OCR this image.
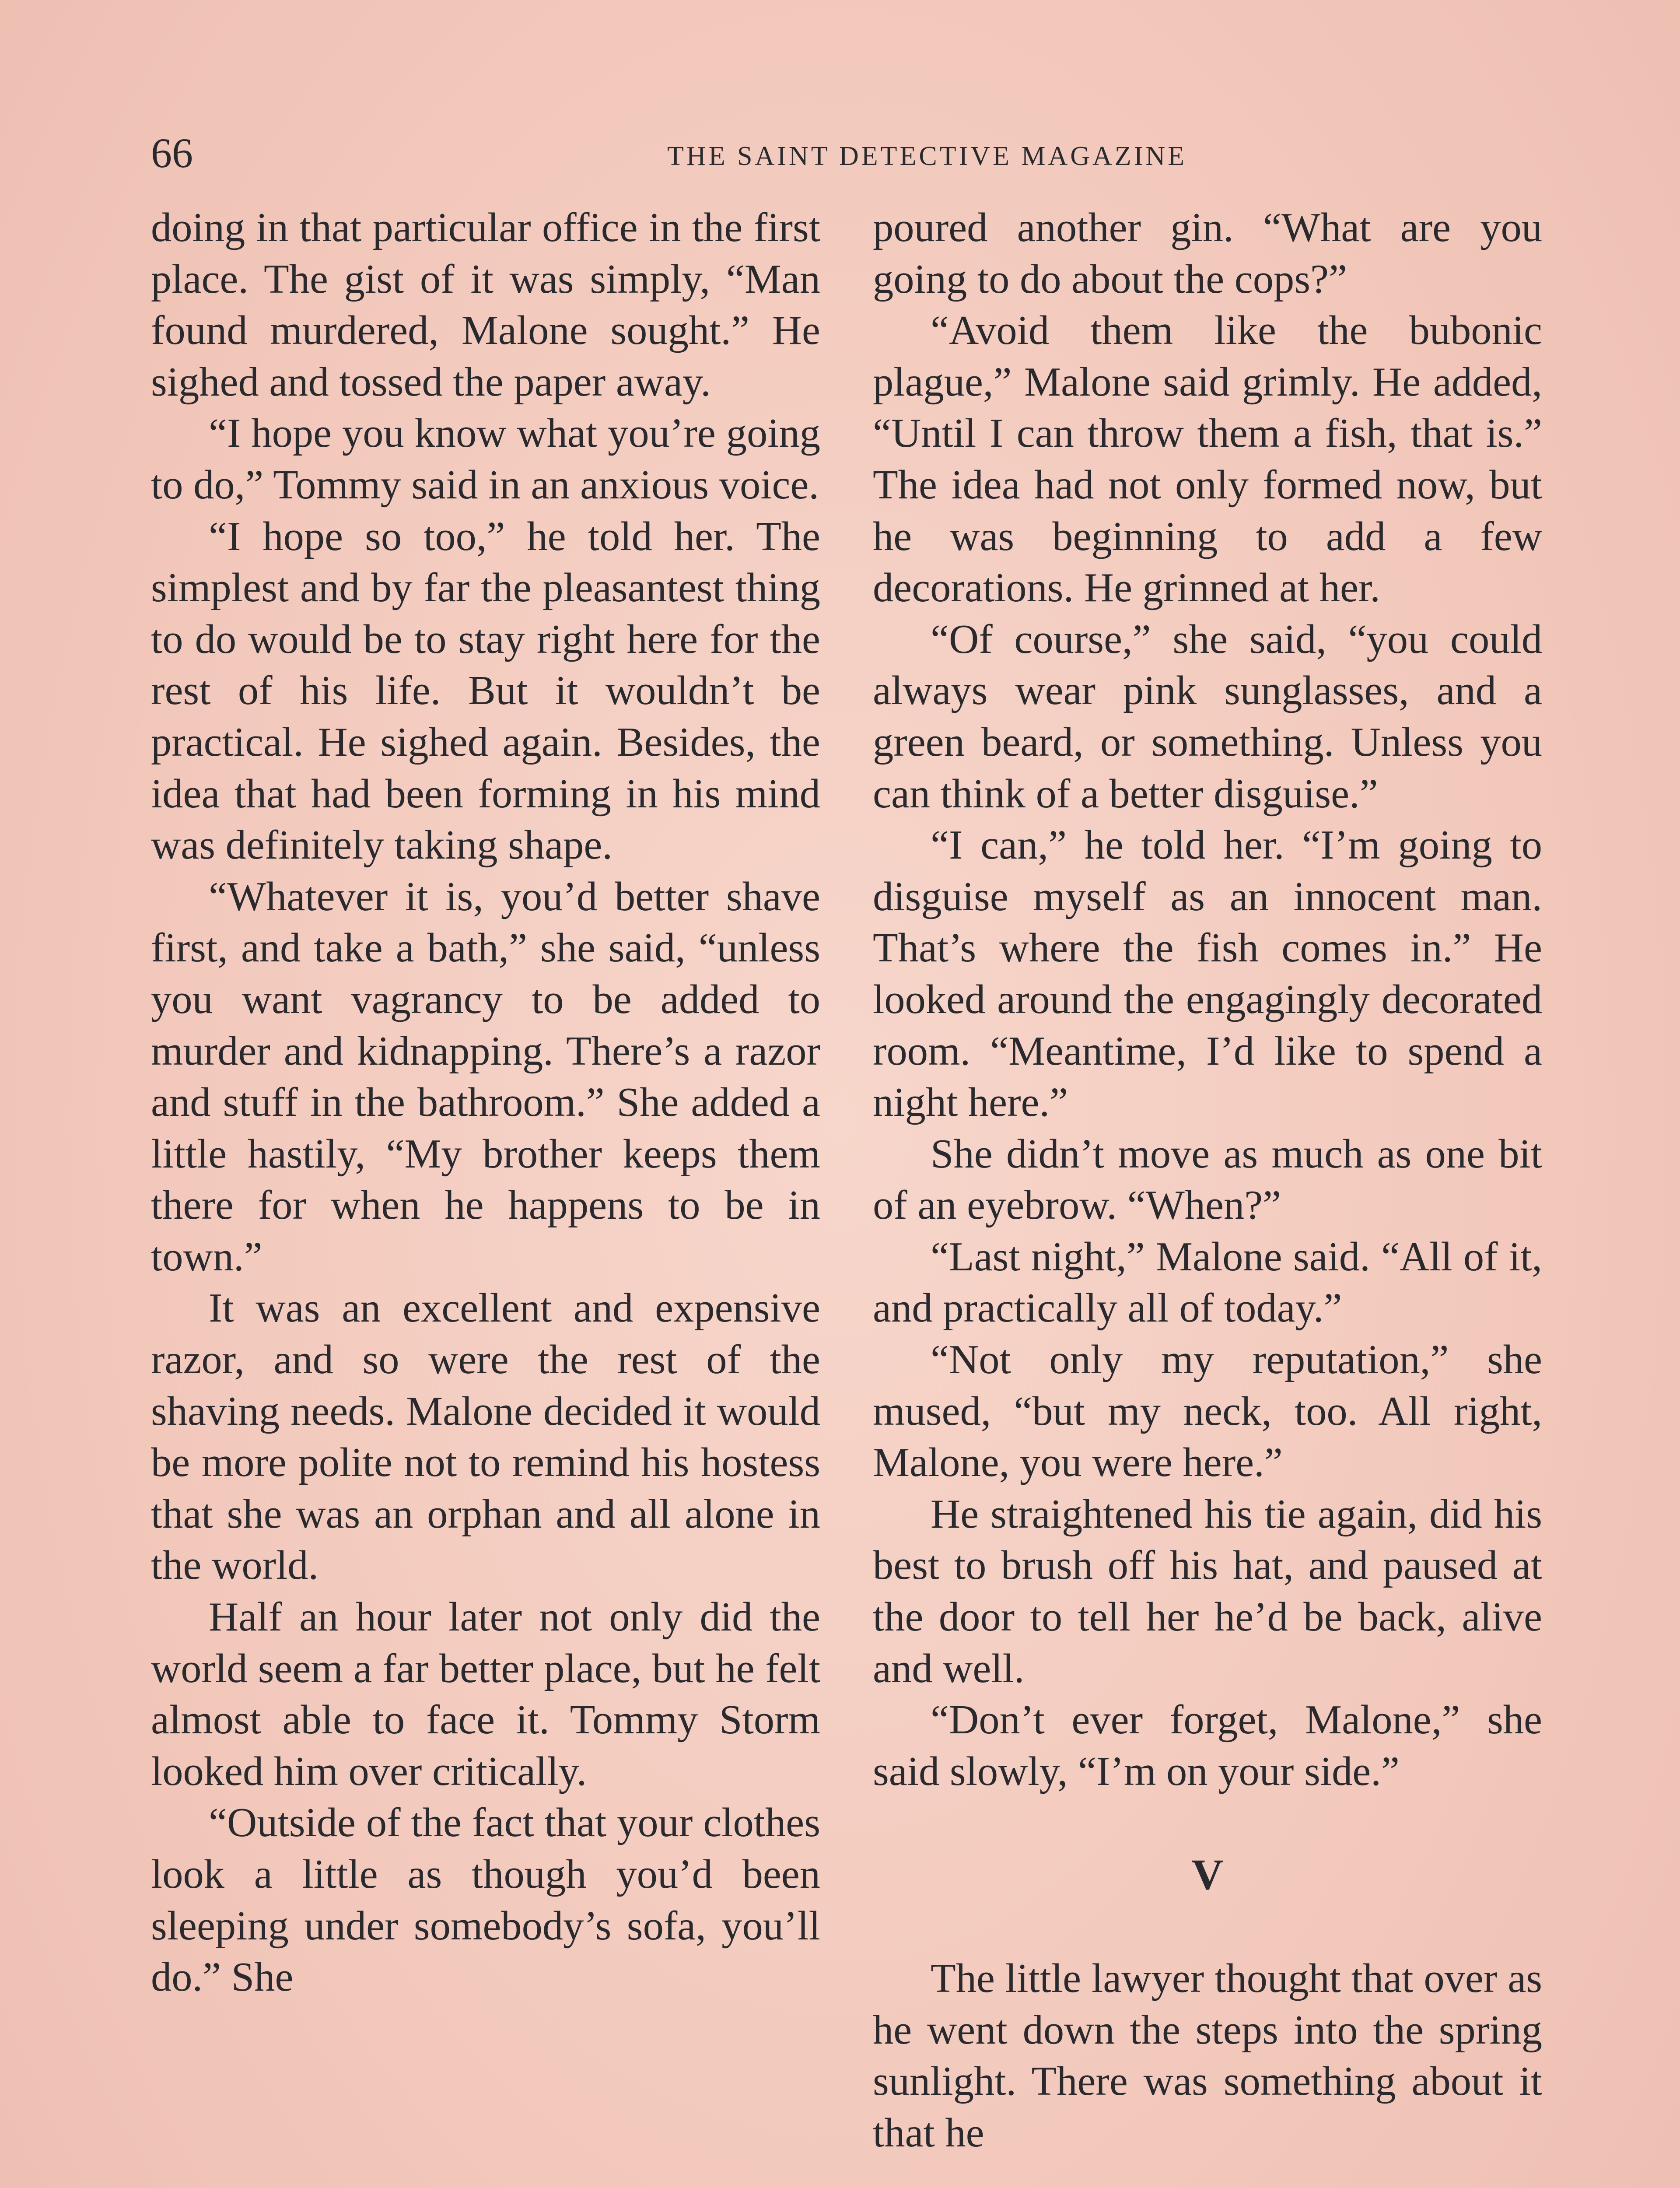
66	THE SAINT DETECTIVE MAGAZINE

doing in that particular office in the first place. The gist of it was simply, “Man found murdered, Malone sought.” He sighed and tossed the paper away.

“I hope you know what you’re going to do,” Tommy said in an anxious voice.

“I hope so too,” he told her. The simplest and by far the pleasantest thing to do would be to stay right here for the rest of his life. But it wouldn’t be practical. He sighed again. Besides, the idea that had been forming in his mind was definitely taking shape.

“Whatever it is, you’d better shave first, and take a bath,” she said, “unless you want vagrancy to be added to murder and kidnapping. There’s a razor and stuff in the bathroom.” She added a little hastily, “My brother keeps them there for when he happens to be in town.”

It was an excellent and expensive razor, and so were the rest of the shaving needs. Malone decided it would be more polite not to remind his hostess that she was an orphan and all alone in the world.

Half an hour later not only did the world seem a far better place, but he felt almost able to face it. Tommy Storm looked him over critically.

“Outside of the fact that your clothes look a little as though you’d been sleeping under somebody’s sofa, you’ll do.” She

poured another gin. “What are you going to do about the cops?”

“Avoid them like the bubonic plague,” Malone said grimly. He added, “Until I can throw them a fish, that is.” The idea had not only formed now, but he was beginning to add a few decorations. He grinned at her.

“Of course,” she said, “you could always wear pink sunglasses, and a green beard, or something. Unless you can think of a better disguise.”

“I can,” he told her. “I’m going to disguise myself as an innocent man. That’s where the fish comes in.” He looked around the engagingly decorated room. “Meantime, I’d like to spend a night here.”

She didn’t move as much as one bit of an eyebrow. “When?”

“Last night,” Malone said. “All of it, and practically all of today.”

“Not only my reputation,” she mused, “but my neck, too. All right, Malone, you were here.”

He straightened his tie again, did his best to brush off his hat, and paused at the door to tell her he’d be back, alive and well.

“Don’t ever forget, Malone,” she said slowly, “I’m on your side.”

V

The little lawyer thought that over as he went down the steps into the spring sunlight. There was something about it that he
